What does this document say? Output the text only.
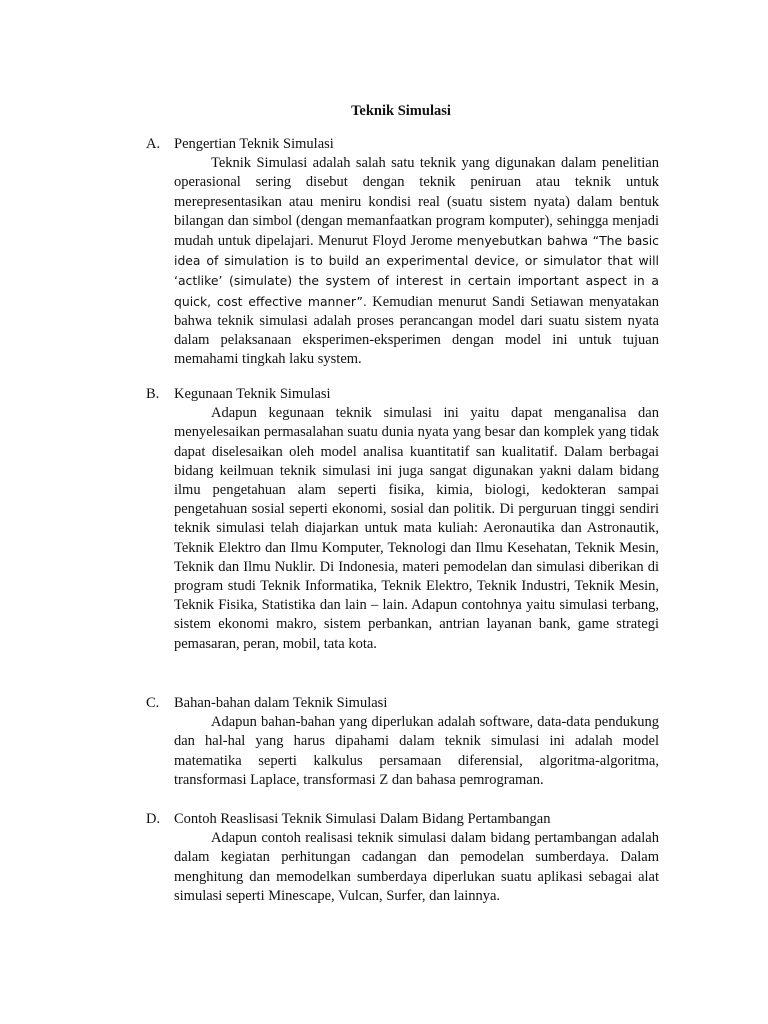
Teknik Simulasi
A. Pengertian Teknik Simulasi

Teknik Simulasi adalah salah satu teknik yang digunakan dalam penelitian operasional sering disebut dengan teknik peniruan atau teknik untuk merepresentasikan atau meniru kondisi real (suatu sistem nyata) dalam bentuk bilangan dan simbol (dengan memanfaatkan program komputer), sehingga menjadi mudah untuk dipelajari. Menurut Floyd Jerome menyebutkan bahwa “The basic idea of simulation is to build an experimental device, or simulator that will ‘actlike’ (simulate) the system of interest in certain important aspect in a quick, cost effective manner”. Kemudian menurut Sandi Setiawan menyatakan bahwa teknik simulasi adalah proses perancangan model dari suatu sistem nyata dalam pelaksanaan eksperimen-eksperimen dengan model ini untuk tujuan memahami tingkah laku system.

B.	Kegunaan Teknik Simulasi

Adapun kegunaan teknik simulasi ini yaitu dapat menganalisa dan menyelesaikan permasalahan suatu dunia nyata yang besar dan komplek yang tidak dapat diselesaikan oleh model analisa kuantitatif san kualitatif. Dalam berbagai bidang keilmuan teknik simulasi ini juga sangat digunakan yakni dalam bidang ilmu pengetahuan alam seperti fisika, kimia, biologi, kedokteran sampai pengetahuan sosial seperti ekonomi, sosial dan politik. Di perguruan tinggi sendiri teknik simulasi telah diajarkan untuk mata kuliah: Aeronautika dan Astronautik, Teknik Elektro dan Ilmu Komputer, Teknologi dan Ilmu Kesehatan, Teknik Mesin, Teknik dan Ilmu Nuklir. Di Indonesia, materi pemodelan dan simulasi diberikan di program studi Teknik Informatika, Teknik Elektro, Teknik Industri, Teknik Mesin, Teknik Fisika, Statistika dan lain – lain. Adapun contohnya yaitu simulasi terbang, sistem ekonomi makro, sistem perbankan, antrian layanan bank, game strategi pemasaran, peran, mobil, tata kota.

C.	Bahan-bahan dalam Teknik Simulasi

Adapun bahan-bahan yang diperlukan adalah software, data-data pendukung dan hal-hal yang harus dipahami dalam teknik simulasi ini adalah model matematika seperti kalkulus persamaan diferensial, algoritma-algoritma, transformasi Laplace, transformasi Z dan bahasa pemrograman.

D. Contoh Reaslisasi Teknik Simulasi Dalam Bidang Pertambangan

Adapun contoh realisasi teknik simulasi dalam bidang pertambangan adalah dalam kegiatan perhitungan cadangan dan pemodelan sumberdaya. Dalam menghitung dan memodelkan sumberdaya diperlukan suatu aplikasi sebagai alat simulasi seperti Minescape, Vulcan, Surfer, dan lainnya.
